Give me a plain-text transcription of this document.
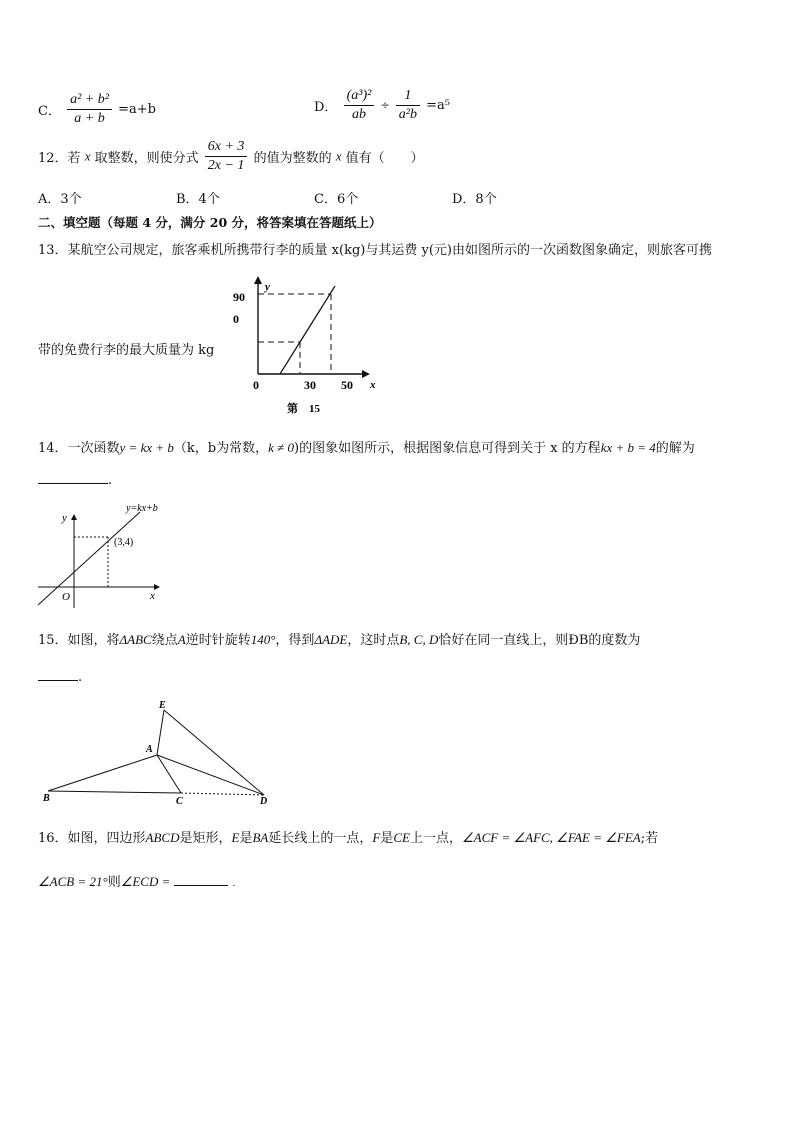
C． $\frac{\text{a² + b²}}{a + b} =a+b$	D． $\frac{\text{(a³)²}}{ab} \div \frac{1}{\text{a²b}} =a^5$
12．若 x 取整数，则使分式 $\frac{6x + 3}{2x - 1}$ 的值为整数的 x 值有（　　）
A．3个	B．4个	C．6个	D．8个
二、填空题（每题 4 分，满分 20 分，将答案填在答题纸上）
13．某航空公司规定，旅客乘机所携带行李的质量 x(kg)与其运费 y(元)由如图所示的一次函数图象确定，则旅客可携
带的免费行李的最大质量为 kg
y
x
90
0
0	30 50
第　15
14．一次函数y = kx + b（k，b为常数，k ≠ 0)的图象如图所示，根据图象信息可得到关于 x 的方程kx + b = 4的解为
.
y=kx+b
y
x
O
(3,4)
15．如图，将ΔABC绕点A逆时针旋转140°，得到ΔADE，这时点B, C, D恰好在同一直线上，则ÐB的度数为
.
E
A
B	C	D
16．如图，四边形ABCD是矩形，E是BA延长线上的一点，F是CE上一点，∠ACF = ∠AFC, ∠FAE = ∠FEA;若
∠ACB = 21°则∠ECD =	.
